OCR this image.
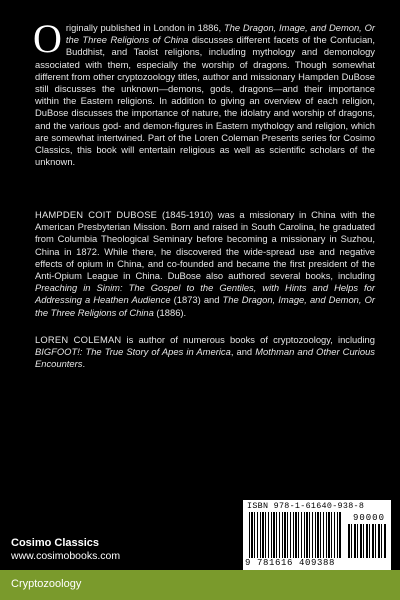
Originally published in London in 1886, The Dragon, Image, and Demon, Or the Three Religions of China discusses different facets of the Confucian, Buddhist, and Taoist religions, including mythology and demonology associated with them, especially the worship of dragons. Though somewhat different from other cryptozoology titles, author and missionary Hampden DuBose still discusses the unknown—demons, gods, dragons—and their importance within the Eastern religions. In addition to giving an overview of each religion, DuBose discusses the importance of nature, the idolatry and worship of dragons, and the various god- and demon-figures in Eastern mythology and religion, which are somewhat intertwined. Part of the Loren Coleman Presents series for Cosimo Classics, this book will entertain religious as well as scientific scholars of the unknown.
HAMPDEN COIT DUBOSE (1845-1910) was a missionary in China with the American Presbyterian Mission. Born and raised in South Carolina, he graduated from Columbia Theological Seminary before becoming a missionary in Suzhou, China in 1872. While there, he discovered the wide-spread use and negative effects of opium in China, and co-founded and became the first president of the Anti-Opium League in China. DuBose also authored several books, including Preaching in Sinim: The Gospel to the Gentiles, with Hints and Helps for Addressing a Heathen Audience (1873) and The Dragon, Image, and Demon, Or the Three Religions of China (1886).
LOREN COLEMAN is author of numerous books of cryptozoology, including BIGFOOT!: The True Story of Apes in America, and Mothman and Other Curious Encounters.
Cosimo Classics
www.cosimobooks.com
ISBN 978-1-61640-938-8
90000
9 781616 409388
Cryptozoology
